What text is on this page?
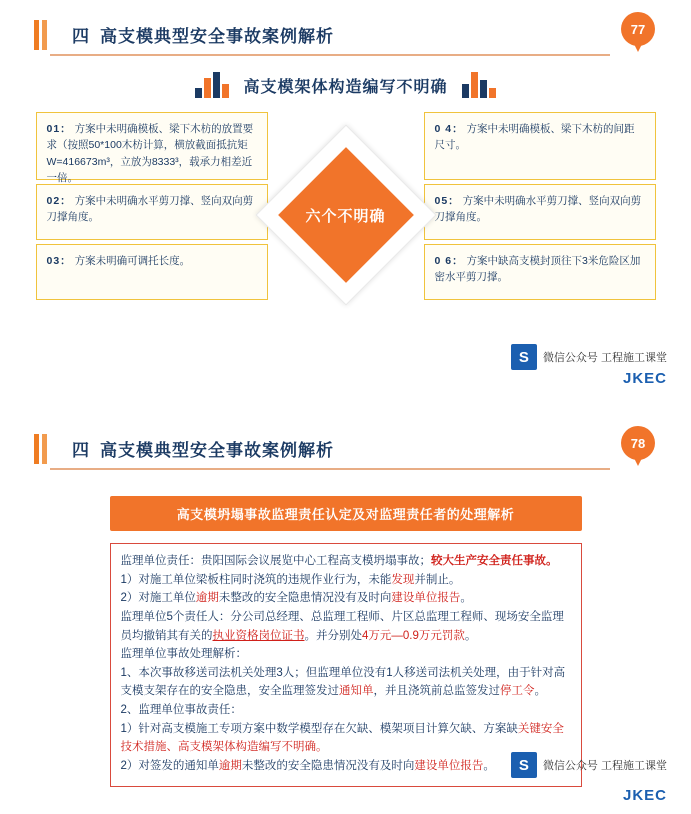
四 高支模典型安全事故案例解析	77
高支模架体构造编写不明确
01： 方案中未明确模板、梁下木枋的放置要求（按照50*100木枋计算，横放截面抵抗矩W=416673m³，立放为8333³，载承力相差近一倍。
02： 方案中未明确水平剪刀撑、竖向双向剪刀撑角度。
03： 方案未明确可调托长度。
0 4： 方案中未明确模板、梁下木枋的间距尺寸。
05： 方案中未明确水平剪刀撑、竖向双向剪刀撑角度。
0 6： 方案中缺高支模封顶往下3米危险区加密水平剪刀撑。
六个不明确
S	微信公众号 工程施工课堂
JKEC
四 高支模典型安全事故案例解析	78
高支模坍塌事故监理责任认定及对监理责任者的处理解析

监理单位责任：贵阳国际会议展览中心工程高支模坍塌事故；较大生产安全责任事故。

1）对施工单位梁板柱同时浇筑的违规作业行为，未能发现并制止。

2）对施工单位逾期未整改的安全隐患情况没有及时向建设单位报告。

监理单位5个责任人：分公司总经理、总监理工程师、片区总监理工程师、现场安全监理员均撤销其有关的执业资格岗位证书。并分别处4万元—0.9万元罚款。

监理单位事故处理解析：

1、本次事故移送司法机关处理3人；但监理单位没有1人移送司法机关处理，由于针对高支模支架存在的安全隐患，安全监理签发过通知单，并且浇筑前总监签发过停工令。

2、监理单位事故责任：

1）针对高支模施工专项方案中数学模型存在欠缺、模架项目计算欠缺、方案缺关键安全技术措施、高支模架体构造编写不明确。

2）对签发的通知单逾期未整改的安全隐患情况没有及时向建设单位报告。	S	微信公众号 工程施工课堂
JKEC
